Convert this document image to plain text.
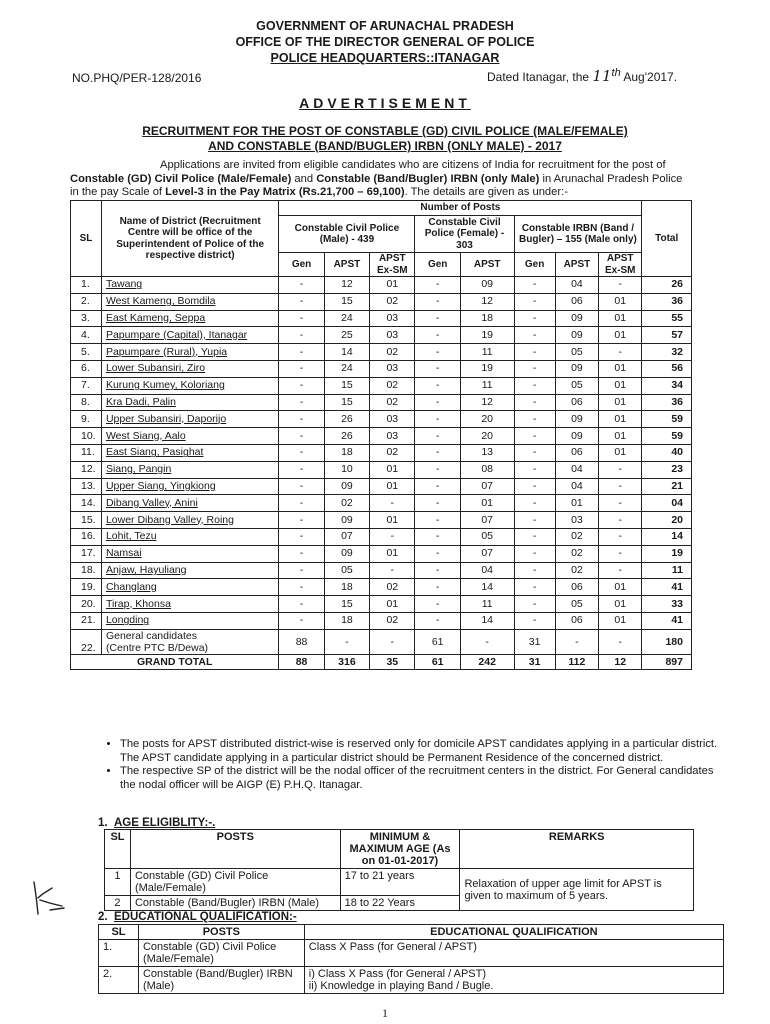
GOVERNMENT OF ARUNACHAL PRADESH
OFFICE OF THE DIRECTOR GENERAL OF POLICE
POLICE HEADQUARTERS::ITANAGAR
NO.PHQ/PER-128/2016	Dated Itanagar, the 11th Aug'2017.
ADVERTISEMENT
RECRUITMENT FOR THE POST OF CONSTABLE (GD) CIVIL POLICE (MALE/FEMALE)
AND CONSTABLE (BAND/BUGLER) IRBN (ONLY MALE) - 2017
Applications are invited from eligible candidates who are citizens of India for recruitment for the post of
Constable (GD) Civil Police (Male/Female) and Constable (Band/Bugler) IRBN (only Male) in Arunachal Pradesh Police
in the pay Scale of Level-3 in the Pay Matrix (Rs.21,700 – 69,100). The details are given as under:-
SL	Name of District (Recruitment Centre will be office of the Superintendent of Police of the respective district)	Number of Posts								Total
		Constable Civil Police (Male) - 439			Constable Civil Police (Female) - 303		Constable IRBN (Band / Bugler) – 155 (Male only)			
		Gen	APST	APST Ex-SM	Gen	APST	Gen	APST	APST Ex-SM	
1.	Tawang	-	12	01	-	09	-	04	-	26
2.	West Kameng, Bomdila	-	15	02	-	12	-	06	01	36
3.	East Kameng, Seppa	-	24	03	-	18	-	09	01	55
4.	Papumpare (Capital), Itanagar	-	25	03	-	19	-	09	01	57
5.	Papumpare (Rural), Yupia	-	14	02	-	11	-	05	-	32
6.	Lower Subansiri, Ziro	-	24	03	-	19	-	09	01	56
7.	Kurung Kumey, Koloriang	-	15	02	-	11	-	05	01	34
8.	Kra Dadi, Palin	-	15	02	-	12	-	06	01	36
9.	Upper Subansiri, Daporijo	-	26	03	-	20	-	09	01	59
10.	West Siang, Aalo	-	26	03	-	20	-	09	01	59
11.	East Siang, Pasighat	-	18	02	-	13	-	06	01	40
12.	Siang, Pangin	-	10	01	-	08	-	04	-	23
13.	Upper Siang, Yingkiong	-	09	01	-	07	-	04	-	21
14.	Dibang Valley, Anini	-	02	-	-	01	-	01	-	04
15.	Lower Dibang Valley, Roing	-	09	01	-	07	-	03	-	20
16.	Lohit, Tezu	-	07	-	-	05	-	02	-	14
17.	Namsai	-	09	01	-	07	-	02	-	19
18.	Anjaw, Hayuliang	-	05	-	-	04	-	02	-	11
19.	Changlang	-	18	02	-	14	-	06	01	41
20.	Tirap, Khonsa	-	15	01	-	11	-	05	01	33
21.	Longding	-	18	02	-	14	-	06	01	41
22.	General candidates
(Centre PTC B/Dewa)	88	-	-	61	-	31	-	-	180
GRAND TOTAL		88	316	35	61	242	31	112	12	897
• The posts for APST distributed district-wise is reserved only for domicile APST candidates applying in a particular district. The APST candidate applying in a particular district should be Permanent Residence of the concerned district.
• The respective SP of the district will be the nodal officer of the recruitment centers in the district. For General candidates the nodal officer will be AIGP (E) P.H.Q. Itanagar.
1. AGE ELIGIBLITY:-.
SL	POSTS	MINIMUM & MAXIMUM AGE (As on 01-01-2017)	REMARKS
1	Constable (GD) Civil Police (Male/Female)	17 to 21 years	Relaxation of upper age limit for APST is given to maximum of 5 years.
2	Constable (Band/Bugler) IRBN (Male)	18 to 22 Years	
2. EDUCATIONAL QUALIFICATION:-
SL	POSTS	EDUCATIONAL QUALIFICATION
1.	Constable (GD) Civil Police (Male/Female)	Class X Pass (for General / APST)
2.	Constable (Band/Bugler) IRBN (Male)	i) Class X Pass (for General / APST)
ii) Knowledge in playing Band / Bugle.
1
